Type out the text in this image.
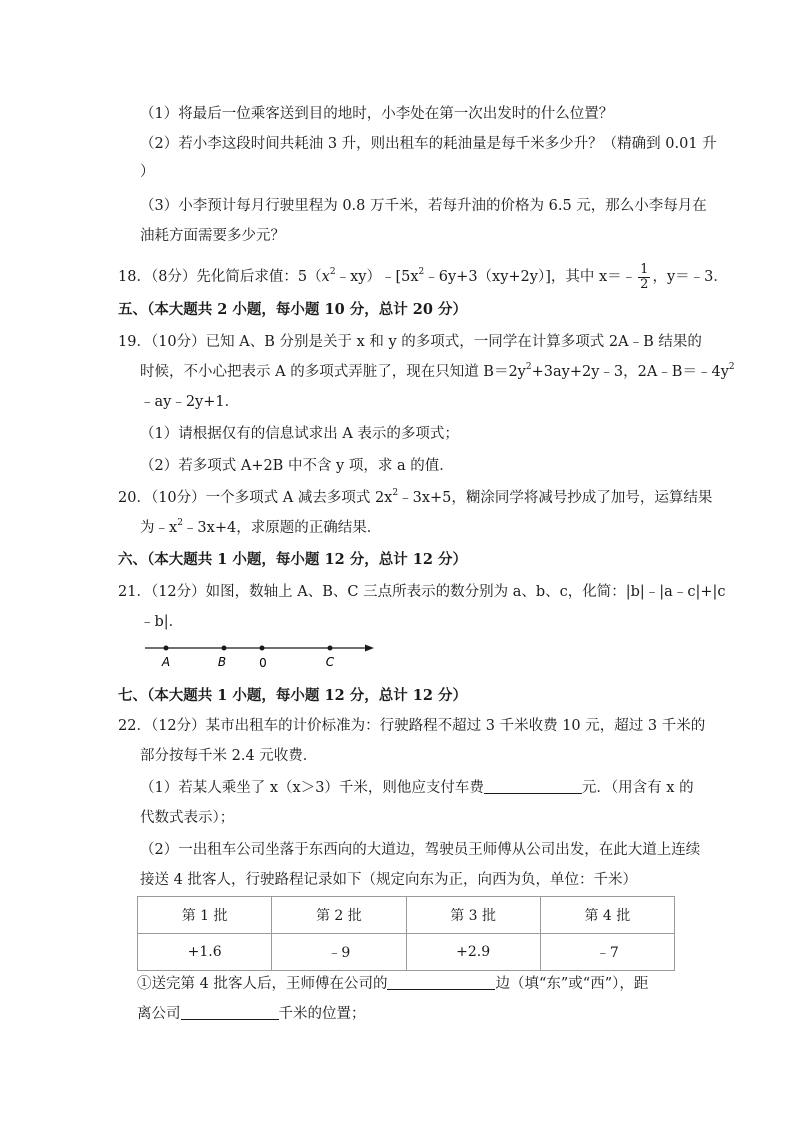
（1）将最后一位乘客送到目的地时，小李处在第一次出发时的什么位置？
（2）若小李这段时间共耗油 3 升，则出租车的耗油量是每千米多少升？（精确到 0.01 升
）
（3）小李预计每月行驶里程为 0.8 万千米，若每升油的价格为 6.5 元，那么小李每月在
油耗方面需要多少元？
18．（8分）先化简后求值：$5(x^2﹣xy)﹣[5x^2﹣6y+3(xy+2y)]$，其中 x＝﹣ $\frac{1}{2}$ ，y＝﹣3．
五、（本大题共 2 小题，每小题 10 分，总计 20 分）
19．（10分）已知 A、B 分别是关于 x 和 y 的多项式，一同学在计算多项式 2A﹣B 结果的
时候，不小心把表示 A 的多项式弄脏了，现在只知道 $B=2y^2+3ay+2y﹣3$，$2A﹣B=﹣4y^2$
﹣ay﹣2y+1．
（1）请根据仅有的信息试求出 A 表示的多项式；
（2）若多项式 A+2B 中不含 y 项，求 a 的值．
20．（10分）一个多项式 A 减去多项式 $2x^2﹣3x+5$，糊涂同学将减号抄成了加号，运算结果
为$﹣x^2﹣3x+4$，求原题的正确结果．
六、（本大题共 1 小题，每小题 12 分，总计 12 分）
21．（12分）如图，数轴上 A、B、C 三点所表示的数分别为 a、b、c，化简：|b|﹣|a﹣c|+|c
﹣b|．
A	B	0	C
七、（本大题共 1 小题，每小题 12 分，总计 12 分）
22．（12分）某市出租车的计价标准为：行驶路程不超过 3 千米收费 10 元，超过 3 千米的
部分按每千米 2.4 元收费．
（1）若某人乘坐了 x（x＞3）千米，则他应支付车费	元．（用含有 x 的
代数式表示）；
（2）一出租车公司坐落于东西向的大道边，驾驶员王师傅从公司出发，在此大道上连续
接送 4 批客人，行驶路程记录如下（规定向东为正，向西为负，单位：千米）
第 1 批	第 2 批	第 3 批	第 4 批
+1.6	﹣9	+2.9	﹣7
①送完第 4 批客人后，王师傅在公司的	边（填“东”或“西”），距
离公司	千米的位置；
